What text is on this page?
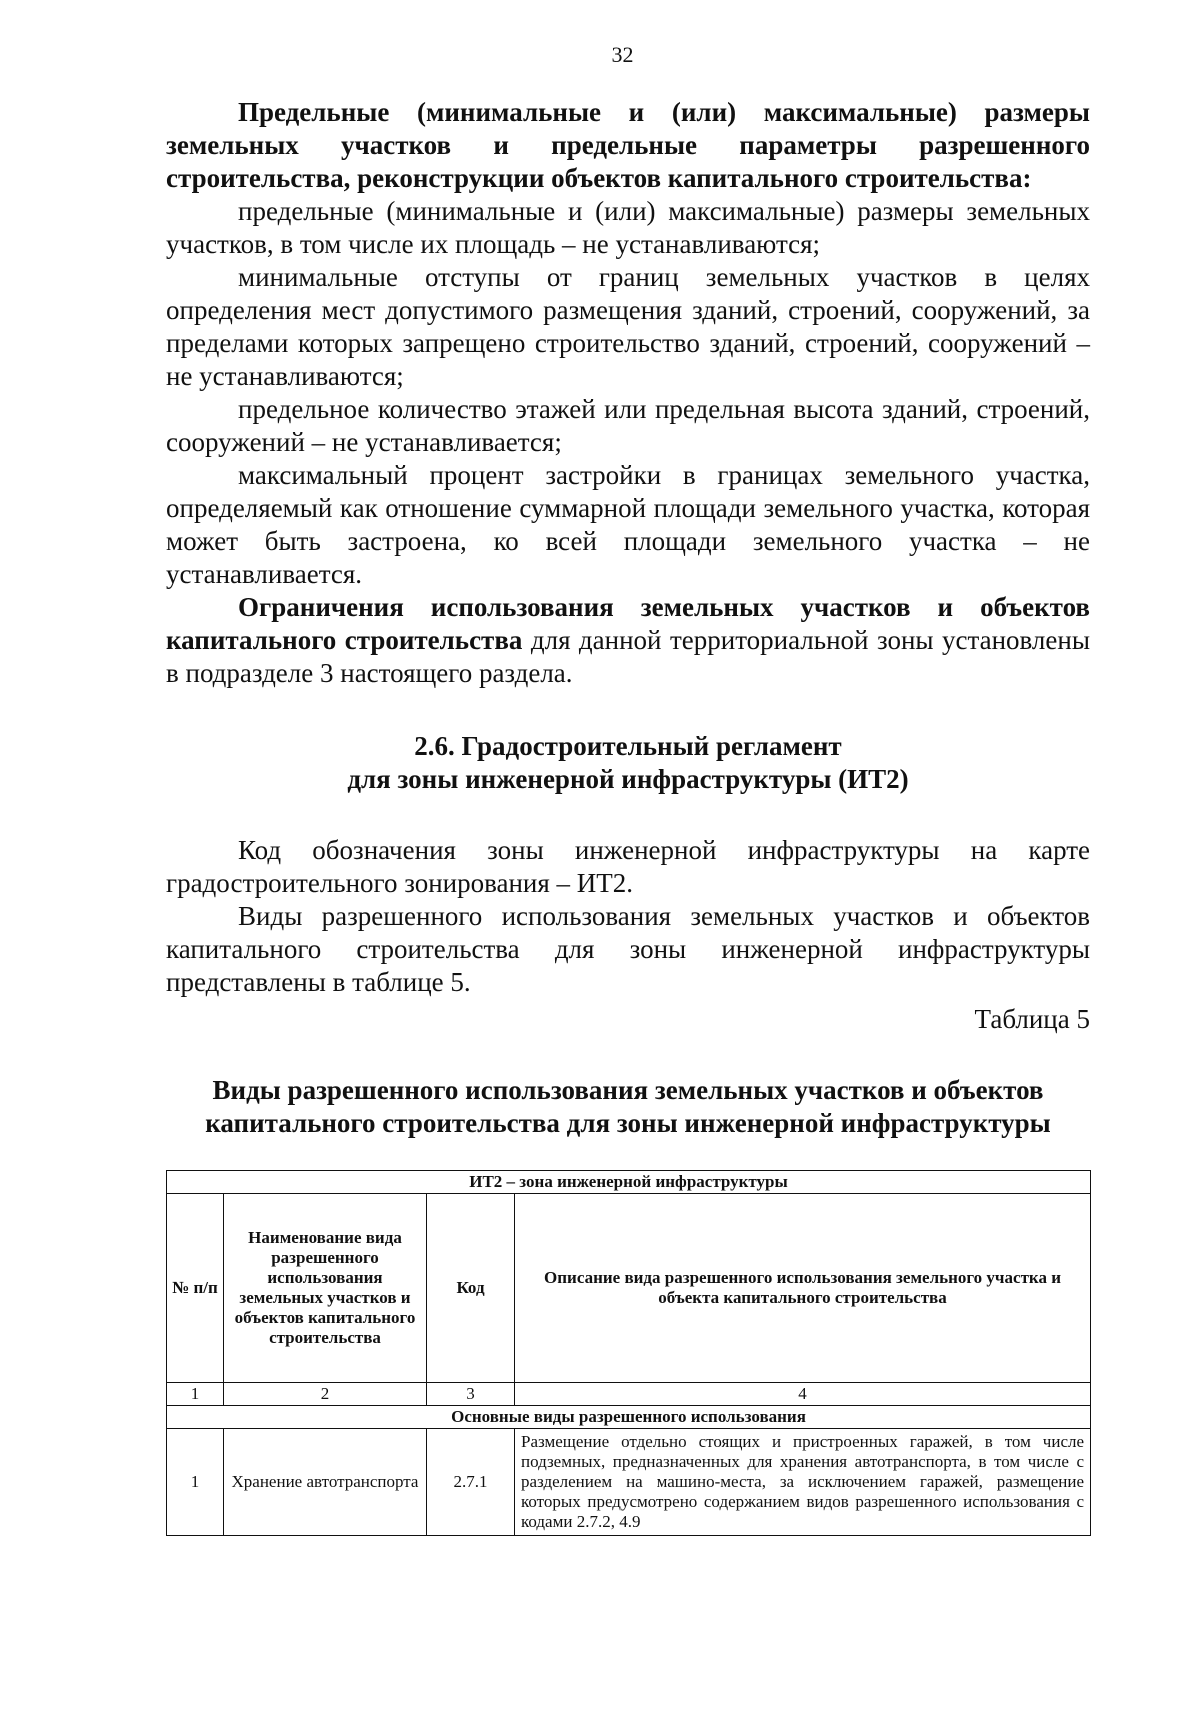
32

Предельные (минимальные и (или) максимальные) размеры земельных участков и предельные параметры разрешенного строительства, реконструкции объектов капитального строительства:

предельные (минимальные и (или) максимальные) размеры земельных участков, в том числе их площадь – не устанавливаются;

минимальные отступы от границ земельных участков в целях определения мест допустимого размещения зданий, строений, сооружений, за пределами которых запрещено строительство зданий, строений, сооружений – не устанавливаются;

предельное количество этажей или предельная высота зданий, строений, сооружений – не устанавливается;

максимальный процент застройки в границах земельного участка, определяемый как отношение суммарной площади земельного участка, которая может быть застроена, ко всей площади земельного участка – не устанавливается.

Ограничения использования земельных участков и объектов капитального строительства для данной территориальной зоны установлены в подразделе 3 настоящего раздела.

2.6. Градостроительный регламент
для зоны инженерной инфраструктуры (ИТ2)

Код обозначения зоны инженерной инфраструктуры на карте градостроительного зонирования – ИТ2.

Виды разрешенного использования земельных участков и объектов капитального строительства для зоны инженерной инфраструктуры представлены в таблице 5.

Таблица 5
Виды разрешенного использования земельных участков и объектов
капитального строительства для зоны инженерной инфраструктуры
ИТ2 – зона инженерной инфраструктуры			
№ п/п	Наименование вида разрешенного использования земельных участков и объектов капитального строительства	Код	Описание вида разрешенного использования земельного участка и объекта капитального строительства
1	2	3	4
Основные виды разрешенного использования			
1	Хранение автотранспорта	2.7.1	Размещение отдельно стоящих и пристроенных гаражей, в том числе подземных, предназначенных для хранения автотранспорта, в том числе с разделением на машино-места, за исключением гаражей, размещение которых предусмотрено содержанием видов разрешенного использования с кодами 2.7.2, 4.9
